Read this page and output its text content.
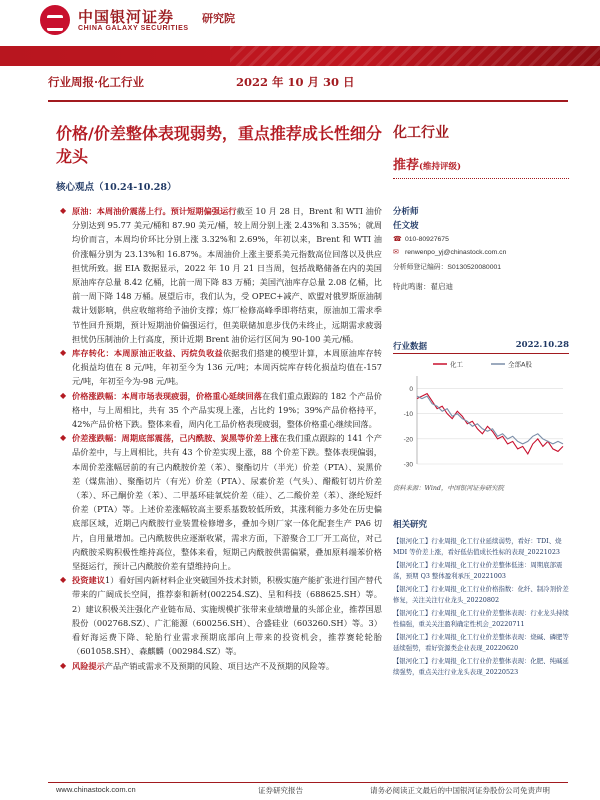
中国银河证券
CHINA GALAXY SECURITIES
研究院
行业周报·化工行业	2022 年 10 月 30 日
价格/价差整体表现弱势，重点推荐成长性细分龙头
核心观点（10.24-10.28）
◆ 原油：本周油价震荡上行。预计短期偏强运行截至 10 月 28 日，Brent 和 WTI 油价分别达到 95.77 美元/桶和 87.90 美元/桶，较上周分别上涨 2.43%和 3.35%；就周均价而言，本周均价环比分别上涨 3.32%和 2.69%，年初以来，Brent 和 WTI 油价涨幅分别为 23.13%和 16.87%。本周油价上涨主要系美元指数高位回落以及供应担忧所致。据 EIA 数据显示，2022 年 10 月 21 日当周，包括战略储备在内的美国原油库存总量 8.42 亿桶，比前一周下降 83 万桶；美国汽油库存总量 2.08 亿桶，比前一周下降 148 万桶。展望后市，我们认为，受 OPEC+减产、欧盟对俄罗斯原油制裁计划影响，供应收缩将给予油价支撑；炼厂检修高峰季即将结束，原油加工需求季节性回升预期，预计短期油价偏强运行，但美联储加息步伐仍未终止，远期需求疲弱担忧仍压制油价上行高度，预计近期 Brent 油价运行区间为 90-100 美元/桶。
◆ 库存转化：本周原油正收益、丙烷负收益依据我们搭建的模型计算，本周原油库存转化损益均值在 8 元/吨，年初至今为 136 元/吨；本周丙烷库存转化损益均值在-157 元/吨，年初至今为-98 元/吨。
◆ 价格涨跌幅：本周市场表现疲弱，价格重心延续回落在我们重点跟踪的 182 个产品价格中，与上周相比，共有 35 个产品实现上涨，占比约 19%；39%产品价格持平，42%产品价格下跌。整体来看，周内化工品价格表现疲弱，整体价格重心继续回落。
◆ 价差涨跌幅：周期底部震荡，己内酰胺、炭黑等价差上涨在我们重点跟踪的 141 个产品价差中，与上周相比，共有 43 个价差实现上涨，88 个价差下跌。整体表现偏弱，本周价差涨幅居前的有己内酰胺价差（苯）、聚酯切片（半光）价差（PTA）、炭黑价差（煤焦油）、聚酯切片（有光）价差（PTA）、尿素价差（气头）、醋酸钉切片价差（苯）、环己酮价差（苯）、二甲基环硅氧烷价差（硅）、乙二酸价差（苯）、涤纶短纤价差（PTA）等。上述价差涨幅较高主要系基数较低所致，其涨利能力多处在历史偏底部区域，近期己内酰胺行业装置检修增多，叠加今则厂家一体化配套生产 PA6 切片，自用量增加。己内酰胺供应逐渐收紧，需求方面，下游聚合工厂开工高位，对己内酰胺采购积极性维持高位，整体来看，短期己内酰胺供需偏紧，叠加原料端苯价格坚挺运行，预计己内酰胺价差有望维持向上。
◆ 投资建议1）看好国内新材料企业突破国外技术封锁，积极实施产能扩张进行国产替代带来的广阔成长空间，推荐泰和新材(002254.SZ)、呈和科技（688625.SH）等。2）建议积极关注强化产业链布局、实施规模扩张带来业绩增量的头部企业，推荐国恩股份（002768.SZ）、广汇能源（600256.SH）、合盛硅业（603260.SH）等。3）看好海运费下降、轮胎行业需求预期底部向上带来的投资机会，推荐赛轮轮胎（601058.SH）、森麒麟（002984.SZ）等。
◆ 风险提示产品产销或需求不及预期的风险、项目达产不及预期的风险等。
化工行业
推荐(维持评级)
分析师
任文坡
☎ 010-80927675
✉ renwenpo_yj@chinastock.com.cn
分析师登记编码：S0130520080001
特此鸣谢：翟启迪
行业数据	2022.10.28
0
-10
-20
-30
化工	全部A股
资料来源：Wind，中国银河证券研究院
相关研究
【银河化工】行业周报_化工行业延续弱势，看好：TDI、烧 MDI 等价差上涨，看好低估值成长性标的表现_20221023
【银河化工】行业周报_化工行业价差整体低迷：周期底部震荡，预期 Q3 整体盈利承压_20221003
【银河化工】行业周报_化工行业价格指数：化纤、制冷剂价差修复，关注关注行业龙头_20220802
【银河化工】行业周报_化工行业价差整体表现：行业龙头持续性偏强，重关关注盈利确定性机会_20220711
【银河化工】行业周报_化工行业价差整体表现：烧碱、磷肥等延续强势，看好资源类企业表现_20220620
【银河化工】行业周报_化工行业价差整体表现：化肥、纯碱延续强势，重点关注行业龙头表现_20220523
www.chinastock.com.cn	证券研究报告	请务必阅读正文最后的中国银河证券股份公司免责声明
